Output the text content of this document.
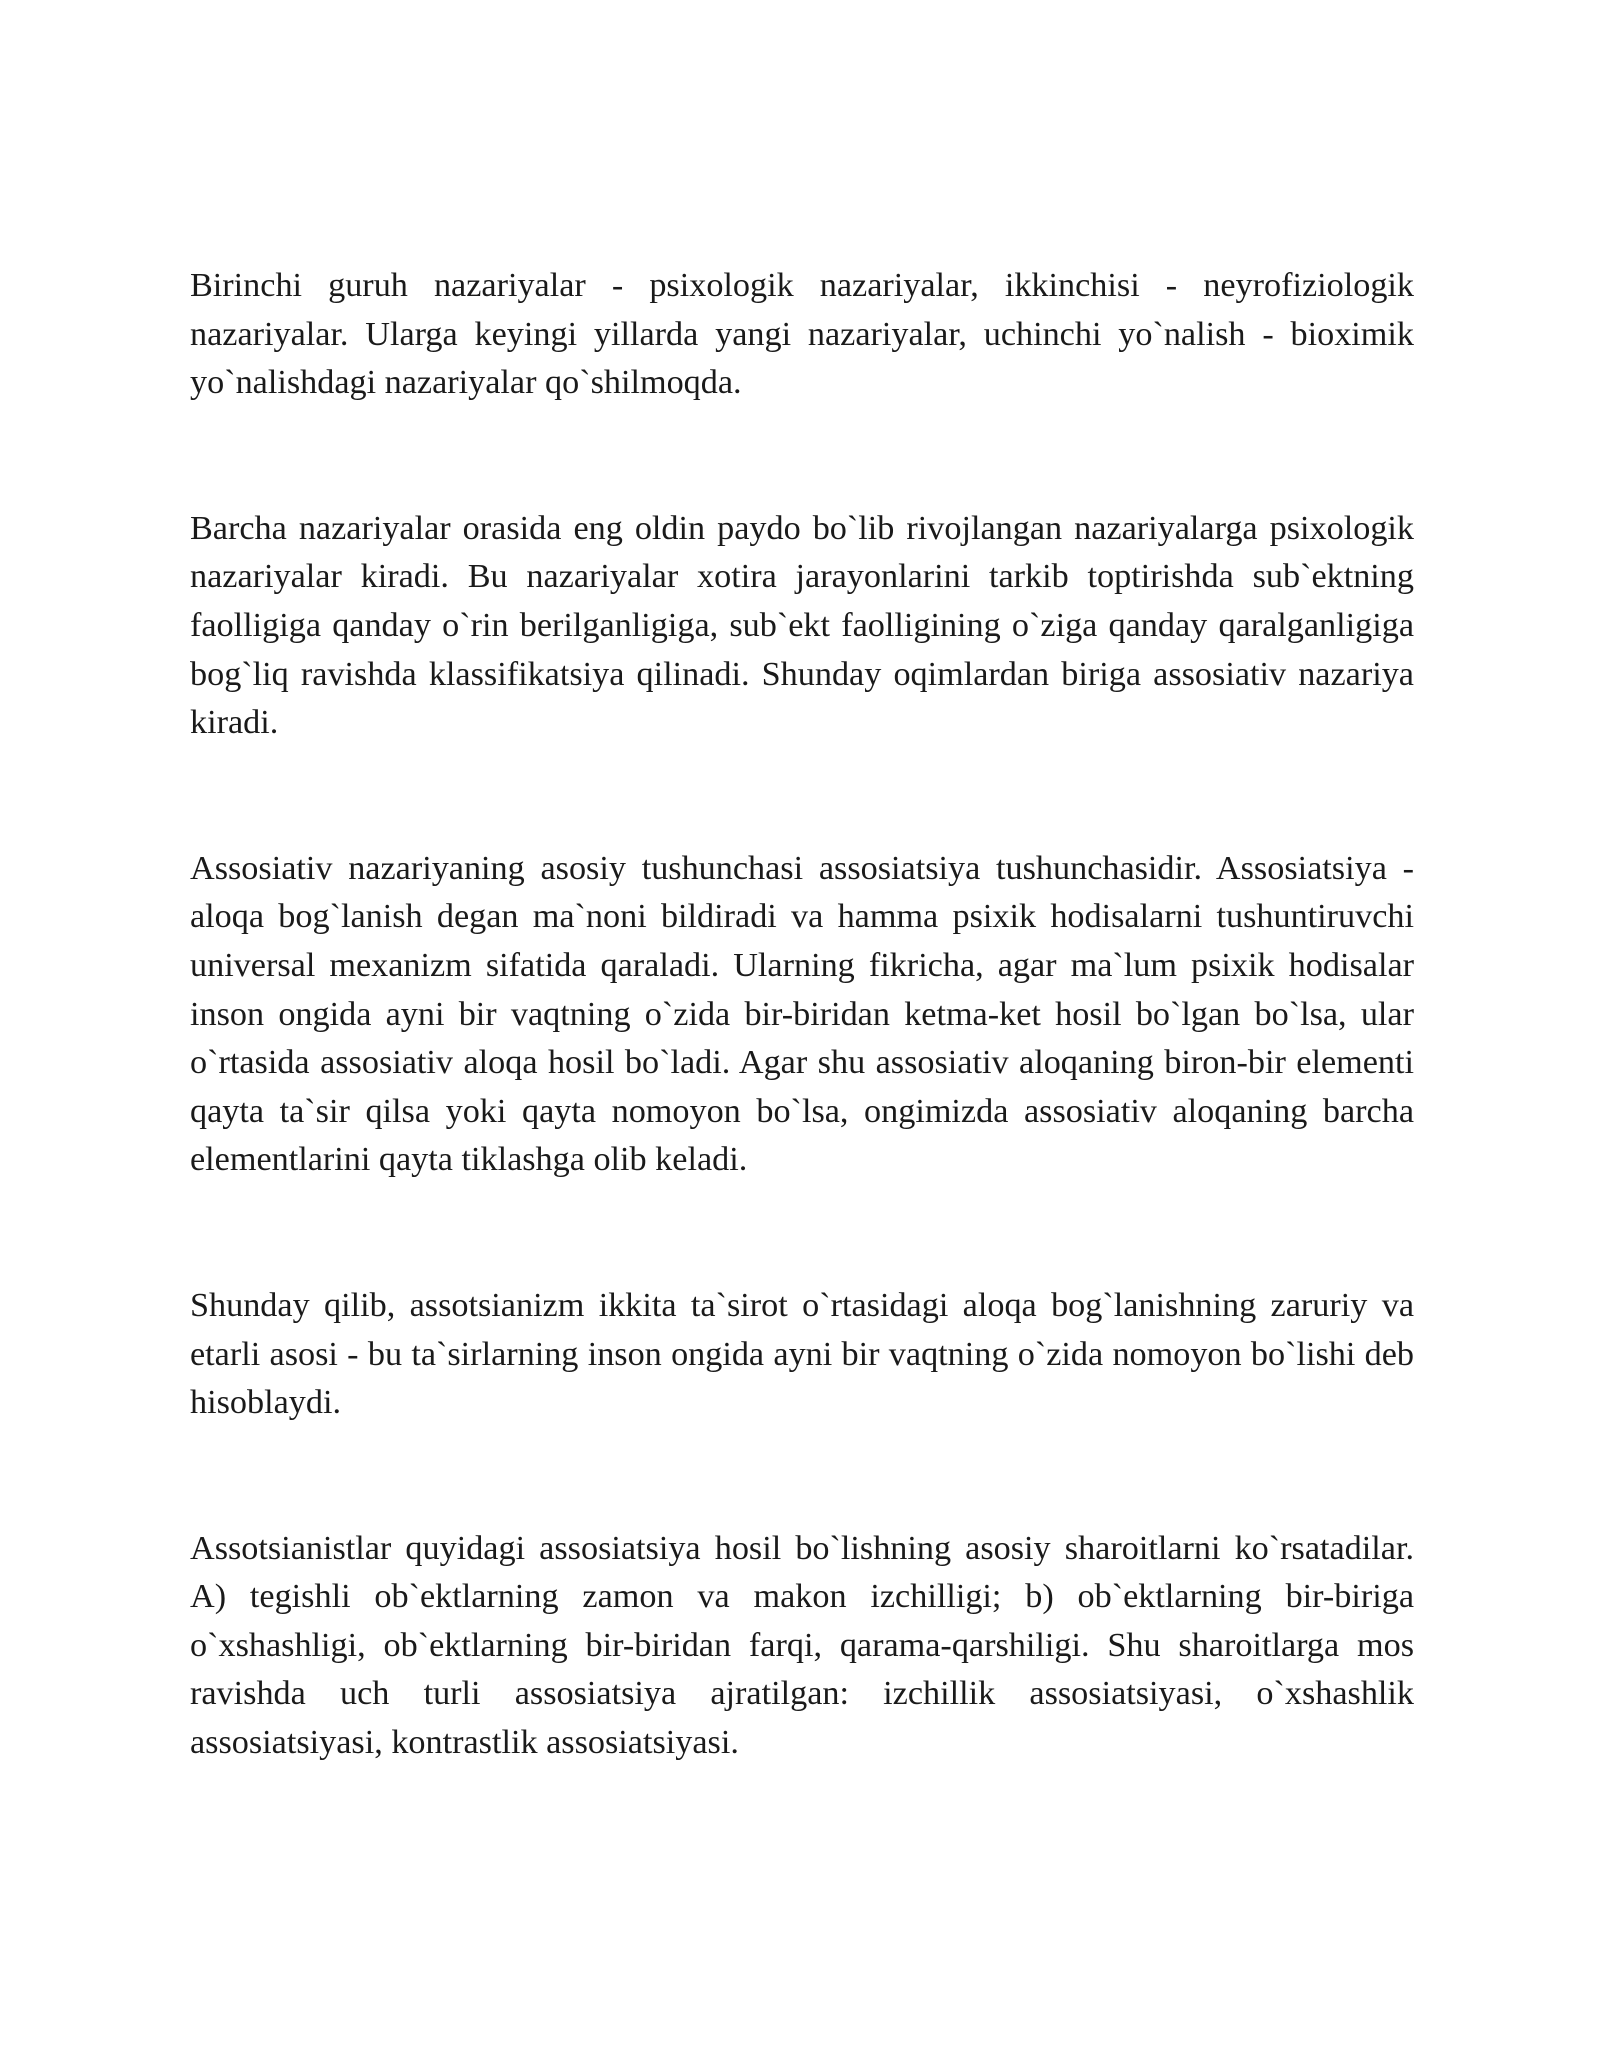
Birinchi guruh nazariyalar - psixologik nazariyalar, ikkinchisi - neyrofiziologik nazariyalar. Ularga keyingi yillarda yangi nazariyalar, uchinchi yo`nalish - bioximik yo`nalishdagi nazariyalar qo`shilmoqda.

Barcha nazariyalar orasida eng oldin paydo bo`lib rivojlangan nazariyalarga psixologik nazariyalar kiradi. Bu nazariyalar xotira jarayonlarini tarkib toptirishda sub`ektning faolligiga qanday o`rin berilganligiga, sub`ekt faolligining o`ziga qanday qaralganligiga bog`liq ravishda klassifikatsiya qilinadi. Shunday oqimlardan biriga assosiativ nazariya kiradi.

Assosiativ nazariyaning asosiy tushunchasi assosiatsiya tushunchasidir. Assosiatsiya - aloqa bog`lanish degan ma`noni bildiradi va hamma psixik hodisalarni tushuntiruvchi universal mexanizm sifatida qaraladi. Ularning fikricha, agar ma`lum psixik hodisalar inson ongida ayni bir vaqtning o`zida bir-biridan ketma-ket hosil bo`lgan bo`lsa, ular o`rtasida assosiativ aloqa hosil bo`ladi. Agar shu assosiativ aloqaning biron-bir elementi qayta ta`sir qilsa yoki qayta nomoyon bo`lsa, ongimizda assosiativ aloqaning barcha elementlarini qayta tiklashga olib keladi.

Shunday qilib, assotsianizm ikkita ta`sirot o`rtasidagi aloqa bog`lanishning zaruriy va etarli asosi - bu ta`sirlarning inson ongida ayni bir vaqtning o`zida nomoyon bo`lishi deb hisoblaydi.

Assotsianistlar quyidagi assosiatsiya hosil bo`lishning asosiy sharoitlarni ko`rsatadilar. A) tegishli ob`ektlarning zamon va makon izchilligi; b) ob`ektlarning bir-biriga o`xshashligi, ob`ektlarning bir-biridan farqi, qarama-qarshiligi. Shu sharoitlarga mos ravishda uch turli assosiatsiya ajratilgan: izchillik assosiatsiyasi, o`xshashlik assosiatsiyasi, kontrastlik assosiatsiyasi.
